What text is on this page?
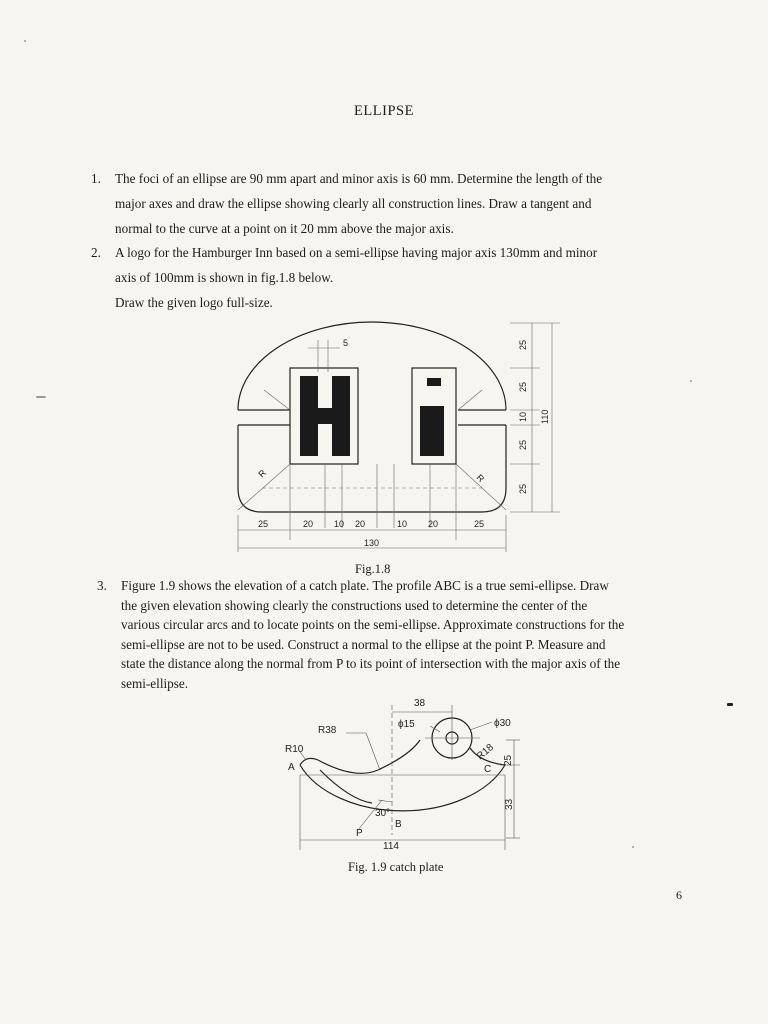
ELLIPSE
1. The foci of an ellipse are 90 mm apart and minor axis is 60 mm. Determine the length of the

major axes and draw the ellipse showing clearly all construction lines. Draw a tangent and

normal to the curve at a point on it 20 mm above the major axis.

2. A logo for the Hamburger Inn based on a semi-ellipse having major axis 130mm and minor

axis of 100mm is shown in fig.1.8 below.

Draw the given logo full-size.

5
25	20 10 20	10 20	25
130
R	R
25
25
10
25
25
110
Fig.1.8
3. Figure 1.9 shows the elevation of a catch plate. The profile ABC is a true semi-ellipse. Draw

the given elevation showing clearly the constructions used to determine the center of the

various circular arcs and to locate points on the semi-ellipse. Approximate constructions for the

semi-ellipse are not to be used. Construct a normal to the ellipse at the point P. Measure and

state the distance along the normal from P to its point of intersection with the major axis of the

semi-ellipse.

38
R38
ϕ15	ϕ30
R10	R18 25
33
30°
114
A
B
C
P
Fig. 1.9 catch plate
6
